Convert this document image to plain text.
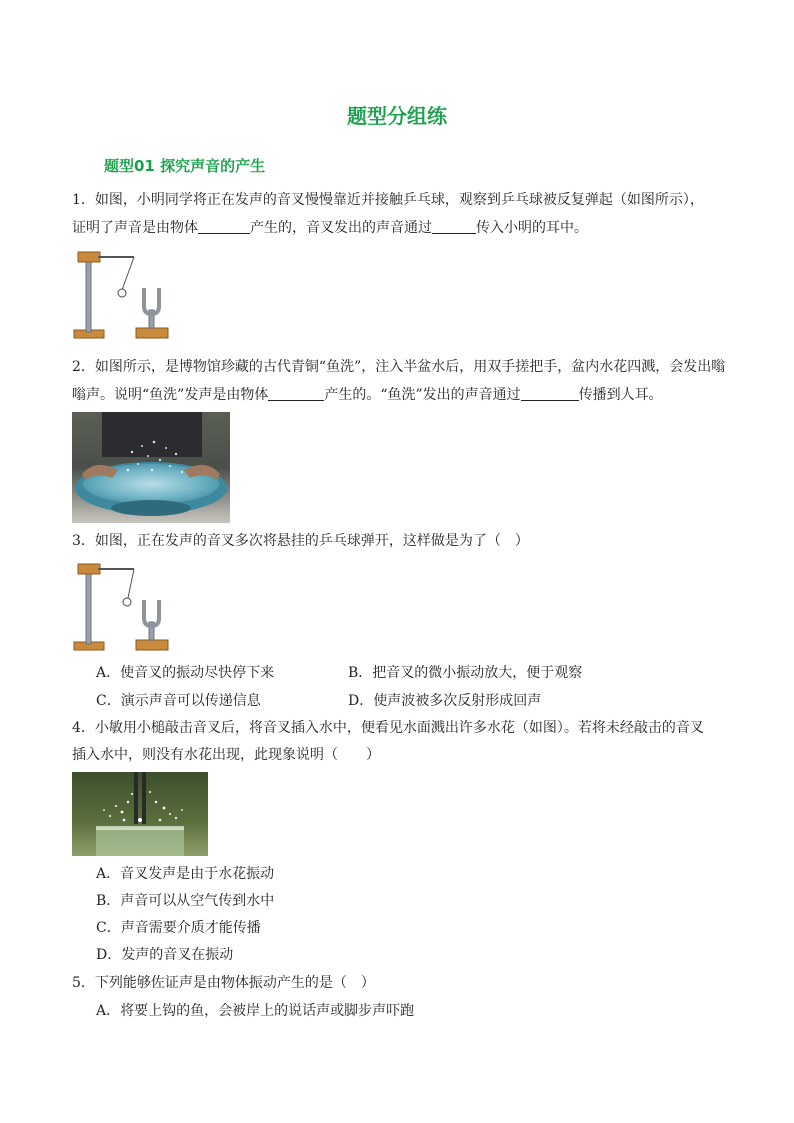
题型分组练
题型01 探究声音的产生
1．如图，小明同学将正在发声的音叉慢慢靠近并接触乒乓球，观察到乒乓球被反复弹起（如图所示），
证明了声音是由物体	产生的，音叉发出的声音通过	传入小明的耳中。
2．如图所示，是博物馆珍藏的古代青铜“鱼洗”，注入半盆水后，用双手搓把手，盆内水花四溅，会发出嗡
嗡声。说明“鱼洗”发声是由物体	产生的。“鱼洗”发出的声音通过	传播到人耳。
3．如图，正在发声的音叉多次将悬挂的乒乓球弹开，这样做是为了（　）
A．使音叉的振动尽快停下来	B．把音叉的微小振动放大，便于观察
C．演示声音可以传递信息	D．使声波被多次反射形成回声
4．小敏用小槌敲击音叉后，将音叉插入水中，便看见水面溅出许多水花（如图）。若将未经敲击的音叉
插入水中，则没有水花出现，此现象说明（　　）
A．音叉发声是由于水花振动
B．声音可以从空气传到水中
C．声音需要介质才能传播
D．发声的音叉在振动
5．下列能够佐证声是由物体振动产生的是（　）
A．将要上钩的鱼，会被岸上的说话声或脚步声吓跑
